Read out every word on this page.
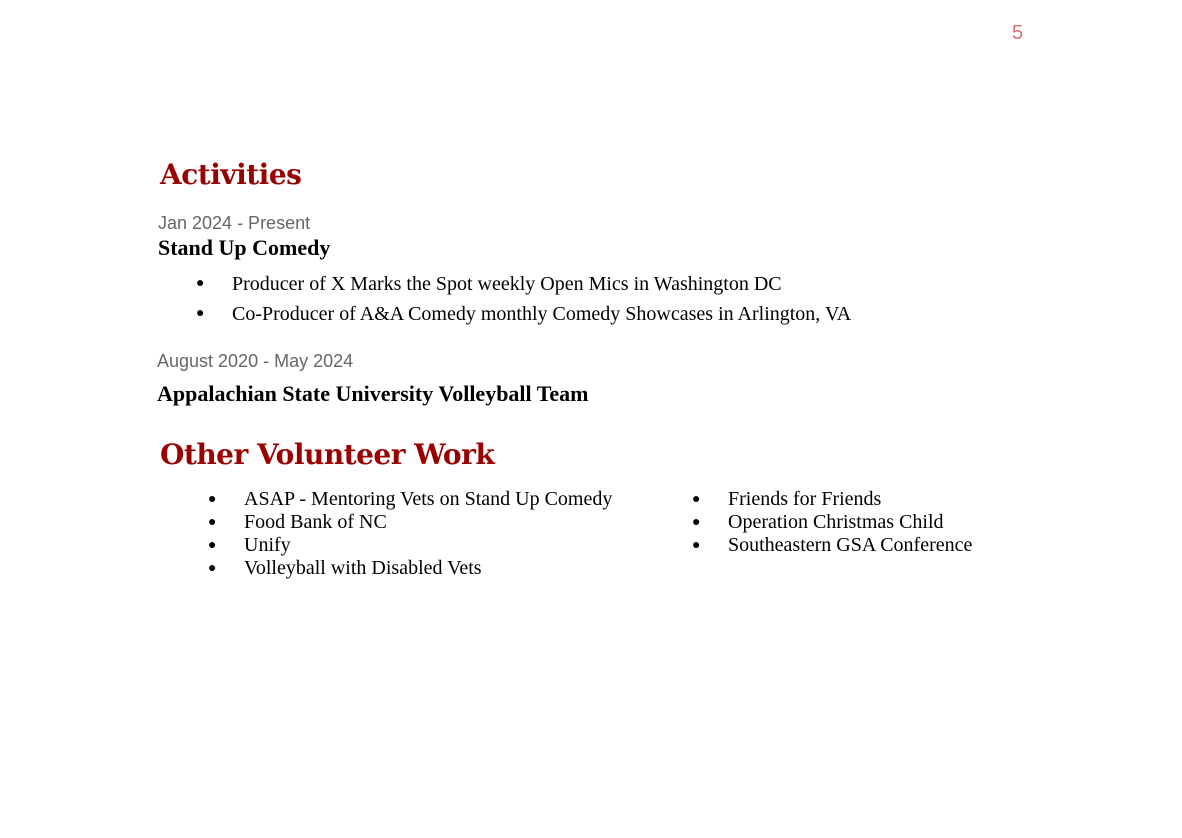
5
Activities
Jan 2024 - Present
Stand Up Comedy
● Producer of X Marks the Spot weekly Open Mics in Washington DC
● Co-Producer of A&A Comedy monthly Comedy Showcases in Arlington, VA
August 2020 - May 2024
Appalachian State University Volleyball Team
Other Volunteer Work
● ASAP - Mentoring Vets on Stand Up Comedy
● Food Bank of NC
● Unify
● Volleyball with Disabled Vets
● Friends for Friends
● Operation Christmas Child
● Southeastern GSA Conference
